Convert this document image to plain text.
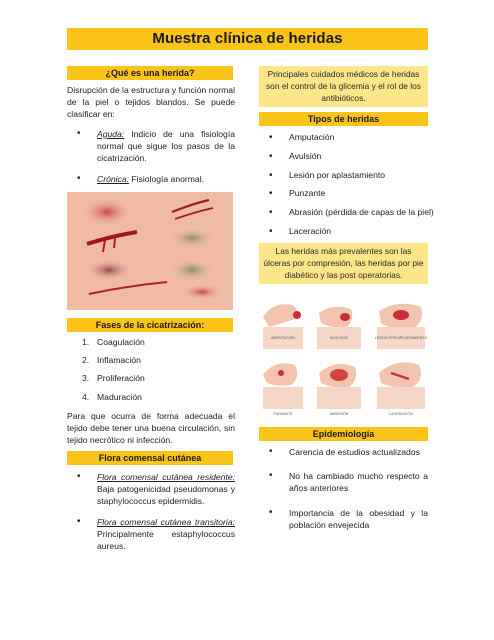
Muestra clínica de heridas
¿Qué es una herida?
Disrupción de la estructura y función normal de la piel o tejidos blandos. Se puede clasificar en:
• Aguda: Indicio de una fisiología normal que sigue los pasos de la cicatrización.
• Crónica: Fisiología anormal.
Fases de la cicatrización:
1. Coagulación
2. Inflamación
3. Proliferación
4. Maduración
Para que ocurra de forma adecuada el tejido debe tener una buena circulación, sin tejido necrótico ni infección.
Flora comensal cutánea
• Flora comensal cutánea residente: Baja patogenicidad pseudomonas y staphylococcus epidermidis.
• Flora comensal cutánea transitoria: Principalmente estaphylococcus aureus.
Principales cuidados médicos de heridas son el control de la glicemia y el rol de los antibióticos.
Tipos de heridas
• Amputación
• Avulsión
• Lesión por aplastamiento
• Punzante
• Abrasión (pérdida de capas de la piel)
• Laceración
Las heridas más prevalentes son las úlceras por compresión, las heridas por pie diabético y las post operatorias.
AMPUTACIÓN	AVULSIÓN	LESIÓN POR APLASTAMIENTO
PUNZANTE	ABRASIÓN	LACERACIÓN
Epidemiología
• Carencia de estudios actualizados
• No ha cambiado mucho respecto a años anteriores
• Importancia de la obesidad y la población envejecida
